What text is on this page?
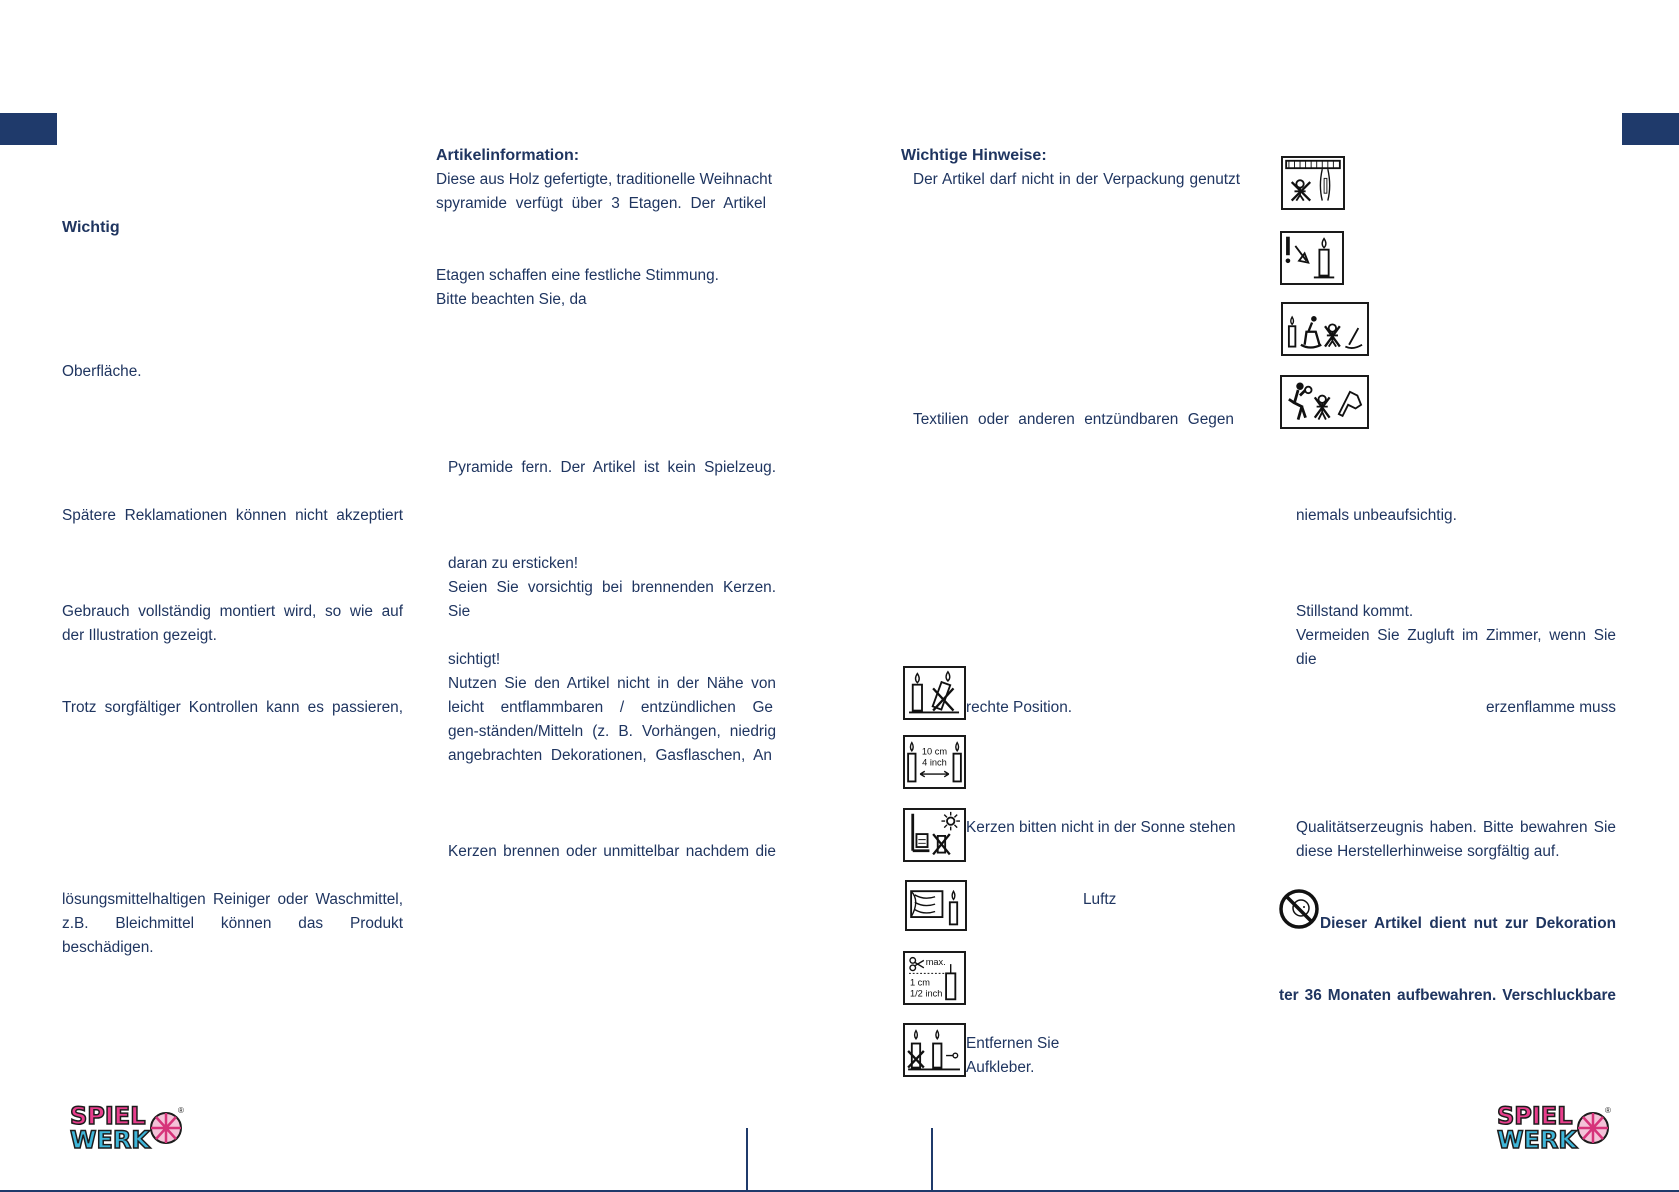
Wichtig
Oberfläche.
Spätere Reklamationen können nicht akzeptiert
Gebrauch vollständig montiert wird, so wie auf
der Illustration gezeigt.
Trotz sorgfältiger Kontrollen kann es passieren,
lösungsmittelhaltigen Reiniger oder Waschmittel,
z.B. Bleichmittel können das Produkt beschädigen.
Artikelinformation:
Diese aus Holz gefertigte, traditionelle Weihnacht
spyramide verfügt über 3 Etagen. Der Artikel
Etagen schaffen eine festliche Stimmung.
Bitte beachten Sie, da
Pyramide fern. Der Artikel ist kein Spielzeug.
daran zu ersticken!
Seien Sie vorsichtig bei brennenden Kerzen. Sie
sichtigt!
Nutzen Sie den Artikel nicht in der Nähe von
leicht entflammbaren / entzündlichen Ge
gen-ständen/Mitteln (z. B. Vorhängen, niedrig
angebrachten Dekorationen, Gasflaschen, An
Kerzen brennen oder unmittelbar nachdem die
Wichtige Hinweise:
Der Artikel darf nicht in der Verpackung genutzt
Textilien oder anderen entzündbaren Gegen
rechte Position.
Kerzen bitten nicht in der Sonne stehen
Luftz
Entfernen Sie
Aufkleber.
niemals unbeaufsichtig.
Stillstand kommt.
Vermeiden Sie Zugluft im Zimmer, wenn Sie die
erzenflamme muss
Qualitätserzeugnis haben. Bitte bewahren Sie
diese Herstellerhinweise sorgfältig auf.
Dieser Artikel dient nut zur Dekoration
ter 36 Monaten aufbewahren. Verschluckbare
10 cm
4 inch
max.
1 cm
1/2 inch
SPIEL
WERK
®	SPIEL
WERK
®
